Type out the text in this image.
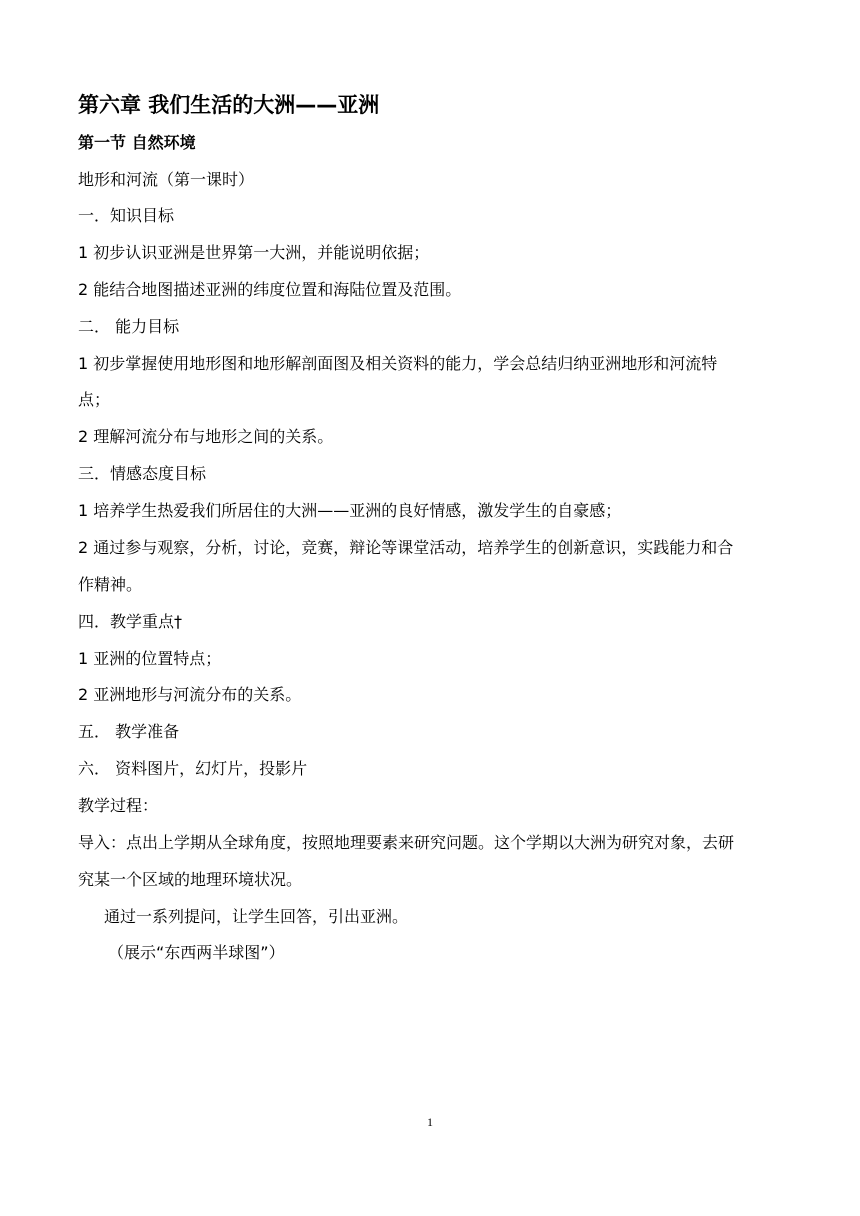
第六章 我们生活的大洲——亚洲
第一节 自然环境
地形和河流（第一课时）
一．知识目标
1 初步认识亚洲是世界第一大洲，并能说明依据；
2 能结合地图描述亚洲的纬度位置和海陆位置及范围。
二． 能力目标
1 初步掌握使用地形图和地形解剖面图及相关资料的能力，学会总结归纳亚洲地形和河流特
点；
2 理解河流分布与地形之间的关系。
三．情感态度目标
1 培养学生热爱我们所居住的大洲——亚洲的良好情感，激发学生的自豪感；
2 通过参与观察，分析，讨论，竞赛，辩论等课堂活动，培养学生的创新意识，实践能力和合
作精神。
四．教学重点†
1 亚洲的位置特点；
2 亚洲地形与河流分布的关系。
五． 教学准备
六． 资料图片，幻灯片，投影片
教学过程：
导入：点出上学期从全球角度，按照地理要素来研究问题。这个学期以大洲为研究对象，去研
究某一个区域的地理环境状况。
通过一系列提问，让学生回答，引出亚洲。
（展示“东西两半球图”）
1
